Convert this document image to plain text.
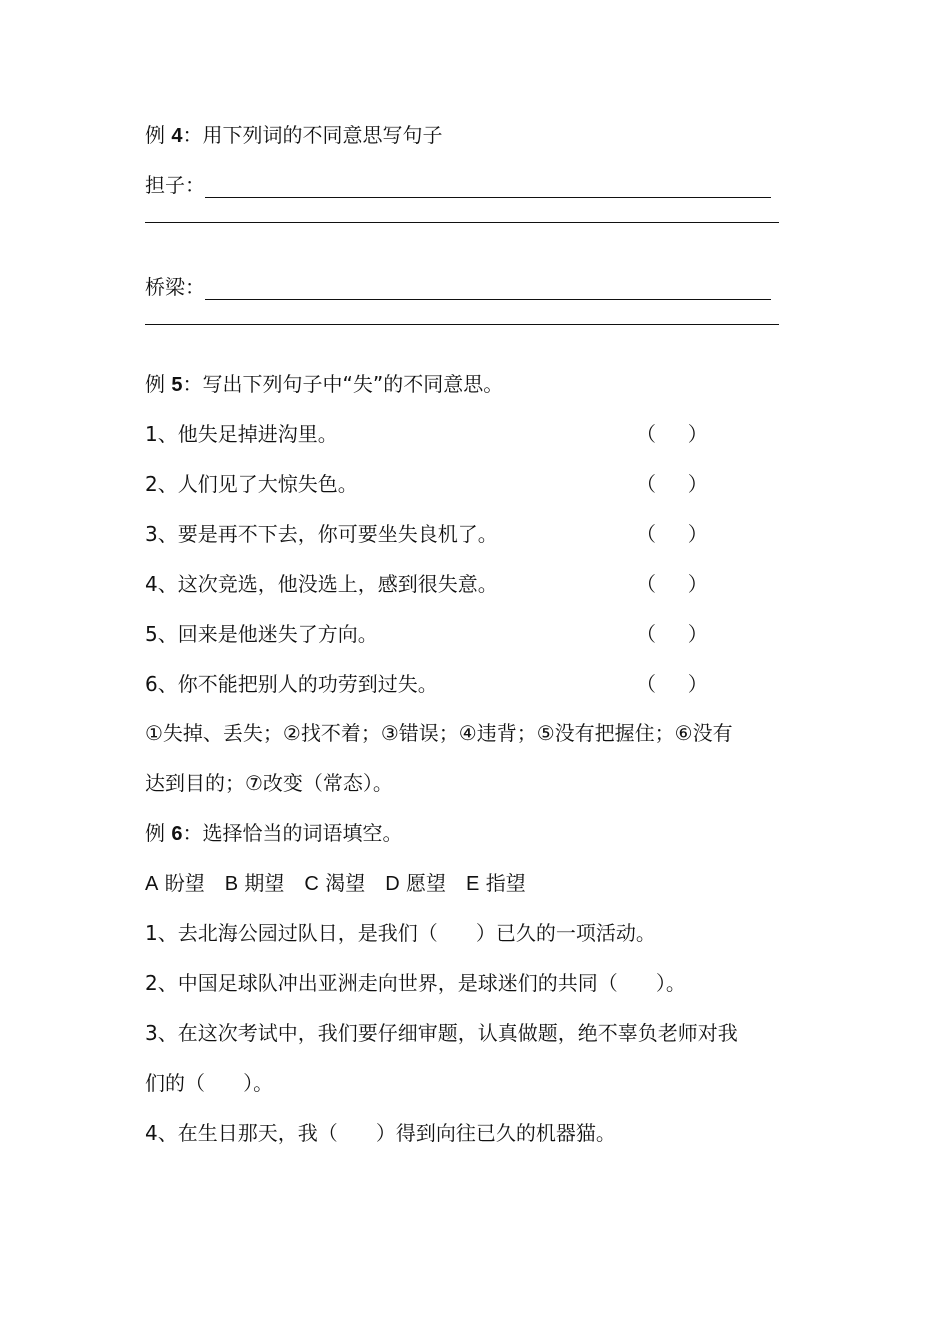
例 4：用下列词的不同意思写句子
担子：
桥梁：
例 5：写出下列句子中“失”的不同意思。
1、他失足掉进沟里。	（     ）
2、人们见了大惊失色。	（     ）
3、要是再不下去，你可要坐失良机了。	（     ）
4、这次竞选，他没选上，感到很失意。	（     ）
5、回来是他迷失了方向。	（     ）
6、你不能把别人的功劳到过失。	（     ）
①失掉、丢失；②找不着；③错误；④违背；⑤没有把握住；⑥没有
达到目的；⑦改变（常态）。
例 6：选择恰当的词语填空。
A 盼望 B 期望 C 渴望 D 愿望 E 指望
1、去北海公园过队日，是我们（      ）已久的一项活动。
2、中国足球队冲出亚洲走向世界，是球迷们的共同（      ）。
3、在这次考试中，我们要仔细审题，认真做题，绝不辜负老师对我
们的（      ）。
4、在生日那天，我（      ）得到向往已久的机器猫。
